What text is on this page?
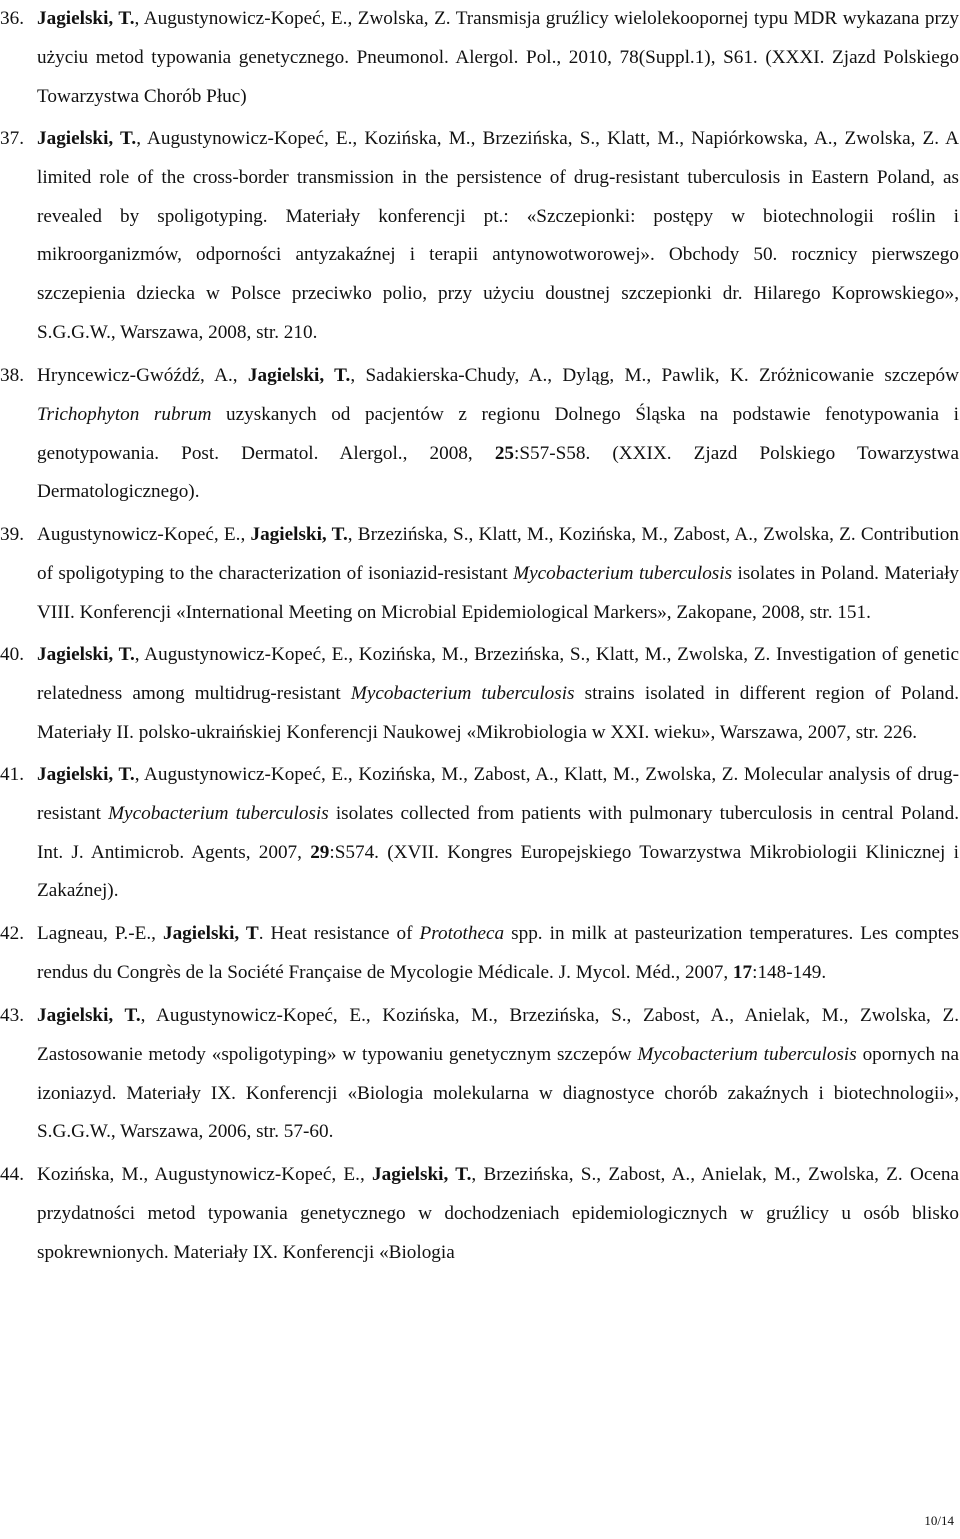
36. Jagielski, T., Augustynowicz-Kopeć, E., Zwolska, Z. Transmisja gruźlicy wielolekoopornej typu MDR wykazana przy użyciu metod typowania genetycznego. Pneumonol. Alergol. Pol., 2010, 78(Suppl.1), S61. (XXXI. Zjazd Polskiego Towarzystwa Chorób Płuc)
37. Jagielski, T., Augustynowicz-Kopeć, E., Kozińska, M., Brzezińska, S., Klatt, M., Napiórkowska, A., Zwolska, Z. A limited role of the cross-border transmission in the persistence of drug-resistant tuberculosis in Eastern Poland, as revealed by spoligotyping. Materiały konferencji pt.: «Szczepionki: postępy w biotechnologii roślin i mikroorganizmów, odporności antyzakaźnej i terapii antynowotworowej». Obchody 50. rocznicy pierwszego szczepienia dziecka w Polsce przeciwko polio, przy użyciu doustnej szczepionki dr. Hilarego Koprowskiego», S.G.G.W., Warszawa, 2008, str. 210.
38. Hryncewicz-Gwóźdź, A., Jagielski, T., Sadakierska-Chudy, A., Dyląg, M., Pawlik, K. Zróżnicowanie szczepów Trichophyton rubrum uzyskanych od pacjentów z regionu Dolnego Śląska na podstawie fenotypowania i genotypowania. Post. Dermatol. Alergol., 2008, 25:S57-S58. (XXIX. Zjazd Polskiego Towarzystwa Dermatologicznego).
39. Augustynowicz-Kopeć, E., Jagielski, T., Brzezińska, S., Klatt, M., Kozińska, M., Zabost, A., Zwolska, Z. Contribution of spoligotyping to the characterization of isoniazid-resistant Mycobacterium tuberculosis isolates in Poland. Materiały VIII. Konferencji «International Meeting on Microbial Epidemiological Markers», Zakopane, 2008, str. 151.
40. Jagielski, T., Augustynowicz-Kopeć, E., Kozińska, M., Brzezińska, S., Klatt, M., Zwolska, Z. Investigation of genetic relatedness among multidrug-resistant Mycobacterium tuberculosis strains isolated in different region of Poland. Materiały II. polsko-ukraińskiej Konferencji Naukowej «Mikrobiologia w XXI. wieku», Warszawa, 2007, str. 226.
41. Jagielski, T., Augustynowicz-Kopeć, E., Kozińska, M., Zabost, A., Klatt, M., Zwolska, Z. Molecular analysis of drug-resistant Mycobacterium tuberculosis isolates collected from patients with pulmonary tuberculosis in central Poland. Int. J. Antimicrob. Agents, 2007, 29:S574. (XVII. Kongres Europejskiego Towarzystwa Mikrobiologii Klinicznej i Zakaźnej).
42. Lagneau, P.-E., Jagielski, T. Heat resistance of Prototheca spp. in milk at pasteurization temperatures. Les comptes rendus du Congrès de la Société Française de Mycologie Médicale. J. Mycol. Méd., 2007, 17:148-149.
43. Jagielski, T., Augustynowicz-Kopeć, E., Kozińska, M., Brzezińska, S., Zabost, A., Anielak, M., Zwolska, Z. Zastosowanie metody «spoligotyping» w typowaniu genetycznym szczepów Mycobacterium tuberculosis opornych na izoniazyd. Materiały IX. Konferencji «Biologia molekularna w diagnostyce chorób zakaźnych i biotechnologii», S.G.G.W., Warszawa, 2006, str. 57-60.
44. Kozińska, M., Augustynowicz-Kopeć, E., Jagielski, T., Brzezińska, S., Zabost, A., Anielak, M., Zwolska, Z. Ocena przydatności metod typowania genetycznego w dochodzeniach epidemiologicznych w gruźlicy u osób blisko spokrewnionych. Materiały IX. Konferencji «Biologia
10/14
